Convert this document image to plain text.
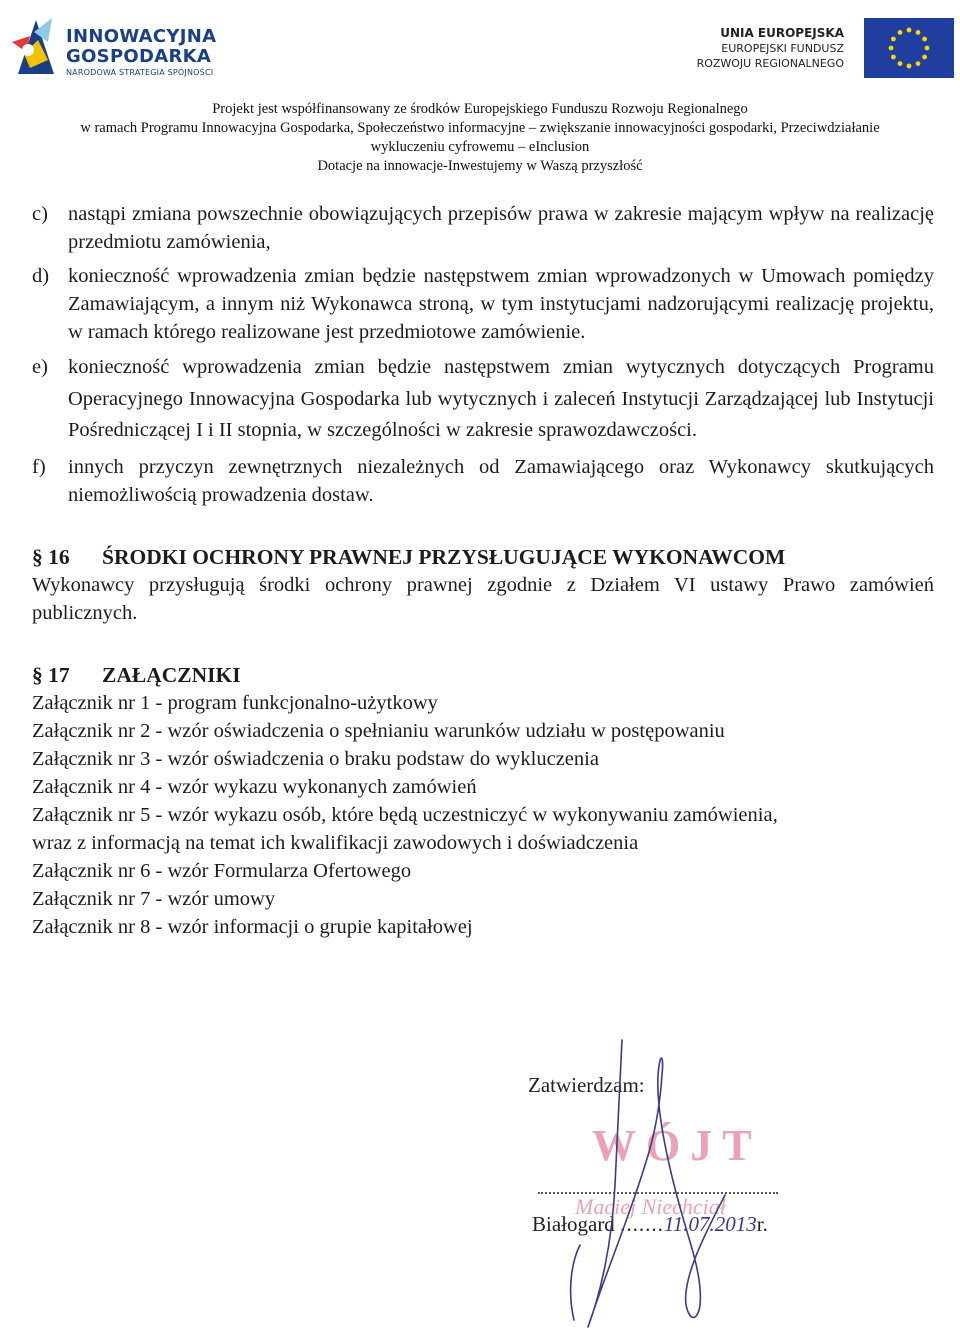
INNOWACYJNA
GOSPODARKA
NARODOWA STRATEGIA SPÓJNOŚCI
UNIA EUROPEJSKA
EUROPEJSKI FUNDUSZ
ROZWOJU REGIONALNEGO
Projekt jest współfinansowany ze środków Europejskiego Funduszu Rozwoju Regionalnego
w ramach Programu Innowacyjna Gospodarka, Społeczeństwo informacyjne – zwiększanie innowacyjności gospodarki, Przeciwdziałanie
wykluczeniu cyfrowemu – eInclusion
Dotacje na innowacje-Inwestujemy w Waszą przyszłość
c) nastąpi zmiana powszechnie obowiązujących przepisów prawa w zakresie mającym wpływ na realizację przedmiotu zamówienia,
d) konieczność wprowadzenia zmian będzie następstwem zmian wprowadzonych w Umowach pomiędzy Zamawiającym, a innym niż Wykonawca stroną, w tym instytucjami nadzorującymi realizację projektu, w ramach którego realizowane jest przedmiotowe zamówienie.
e) konieczność wprowadzenia zmian będzie następstwem zmian wytycznych dotyczących Programu Operacyjnego Innowacyjna Gospodarka lub wytycznych i zaleceń Instytucji Zarządzającej lub Instytucji Pośredniczącej I i II stopnia, w szczególności w zakresie sprawozdawczości.
f) innych przyczyn zewnętrznych niezależnych od Zamawiającego oraz Wykonawcy skutkujących niemożliwością prowadzenia dostaw.
§ 16 ŚRODKI OCHRONY PRAWNEJ PRZYSŁUGUJĄCE WYKONAWCOM
Wykonawcy przysługują środki ochrony prawnej zgodnie z Działem VI ustawy Prawo zamówień publicznych.
§ 17 ZAŁĄCZNIKI
Załącznik nr 1 - program funkcjonalno-użytkowy
Załącznik nr 2 - wzór oświadczenia o spełnianiu warunków udziału w postępowaniu
Załącznik nr 3 - wzór oświadczenia o braku podstaw do wykluczenia
Załącznik nr 4 - wzór wykazu wykonanych zamówień
Załącznik nr 5 - wzór wykazu osób, które będą uczestniczyć w wykonywaniu zamówienia,
wraz z informacją na temat ich kwalifikacji zawodowych i doświadczenia
Załącznik nr 6 - wzór Formularza Ofertowego
Załącznik nr 7 - wzór umowy
Załącznik nr 8 - wzór informacji o grupie kapitałowej
Zatwierdzam:
WÓJT
Maciej Niechciał
Białogard .......11.07.2013r.
